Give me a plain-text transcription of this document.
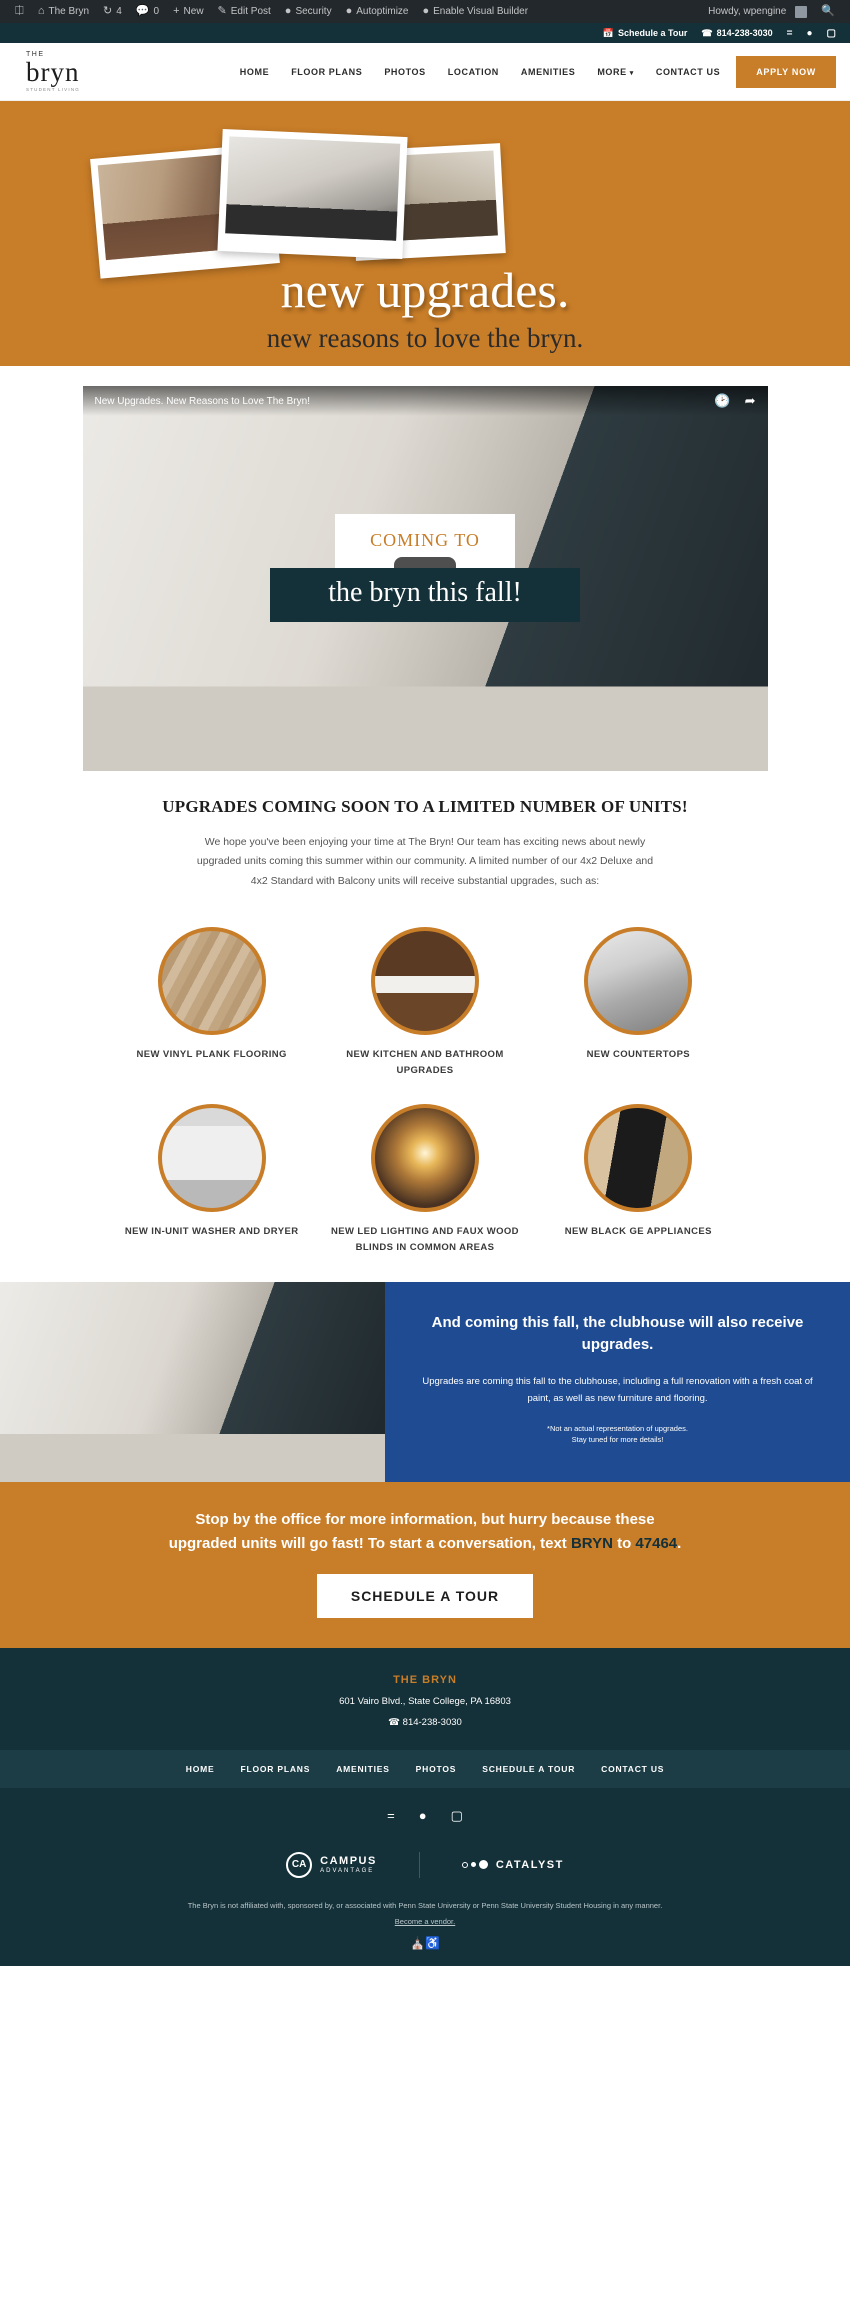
⎅ ⌂ The Bryn ↻ 4 💬 0 + New ✎ Edit Post ● Security ● Autoptimize ● Enable Visual Builder	Howdy, wpengine	🔍
📅 Schedule a Tour ☎ 814-238-3030 = ● ▢
THE
bryn
STUDENT LIVING
HOME FLOOR PLANS PHOTOS LOCATION AMENITIES MORE ▾ CONTACT US	APPLY NOW
new upgrades.
new reasons to love the bryn.
New Upgrades. New Reasons to Love The Bryn!	🕑 ➦
COMING TO
the bryn this fall!
UPGRADES COMING SOON TO A LIMITED NUMBER OF UNITS!
We hope you've been enjoying your time at The Bryn! Our team has exciting news about newly upgraded units coming this summer within our community. A limited number of our 4x2 Deluxe and 4x2 Standard with Balcony units will receive substantial upgrades, such as:
NEW VINYL PLANK FLOORING	NEW KITCHEN AND BATHROOM UPGRADES
NEW COUNTERTOPS
NEW IN-UNIT WASHER AND DRYER	NEW LED LIGHTING AND FAUX WOOD BLINDS IN COMMON AREAS
NEW BLACK GE APPLIANCES
And coming this fall, the clubhouse will also receive upgrades.
Upgrades are coming this fall to the clubhouse, including a full renovation with a fresh coat of paint, as well as new furniture and flooring.
*Not an actual representation of upgrades.
Stay tuned for more details!
Stop by the office for more information, but hurry because these
upgraded units will go fast! To start a conversation, text BRYN to 47464.
SCHEDULE A TOUR
THE BRYN
601 Vairo Blvd., State College, PA 16803
☎ 814-238-3030
HOME	FLOOR PLANS	AMENITIES	PHOTOS	SCHEDULE A TOUR	CONTACT US
= ● ▢
CA	CAMPUS
ADVANTAGE	CATALYST
The Bryn is not affiliated with, sponsored by, or associated with Penn State University or Penn State University Student Housing in any manner.
Become a vendor.
⛪♿
